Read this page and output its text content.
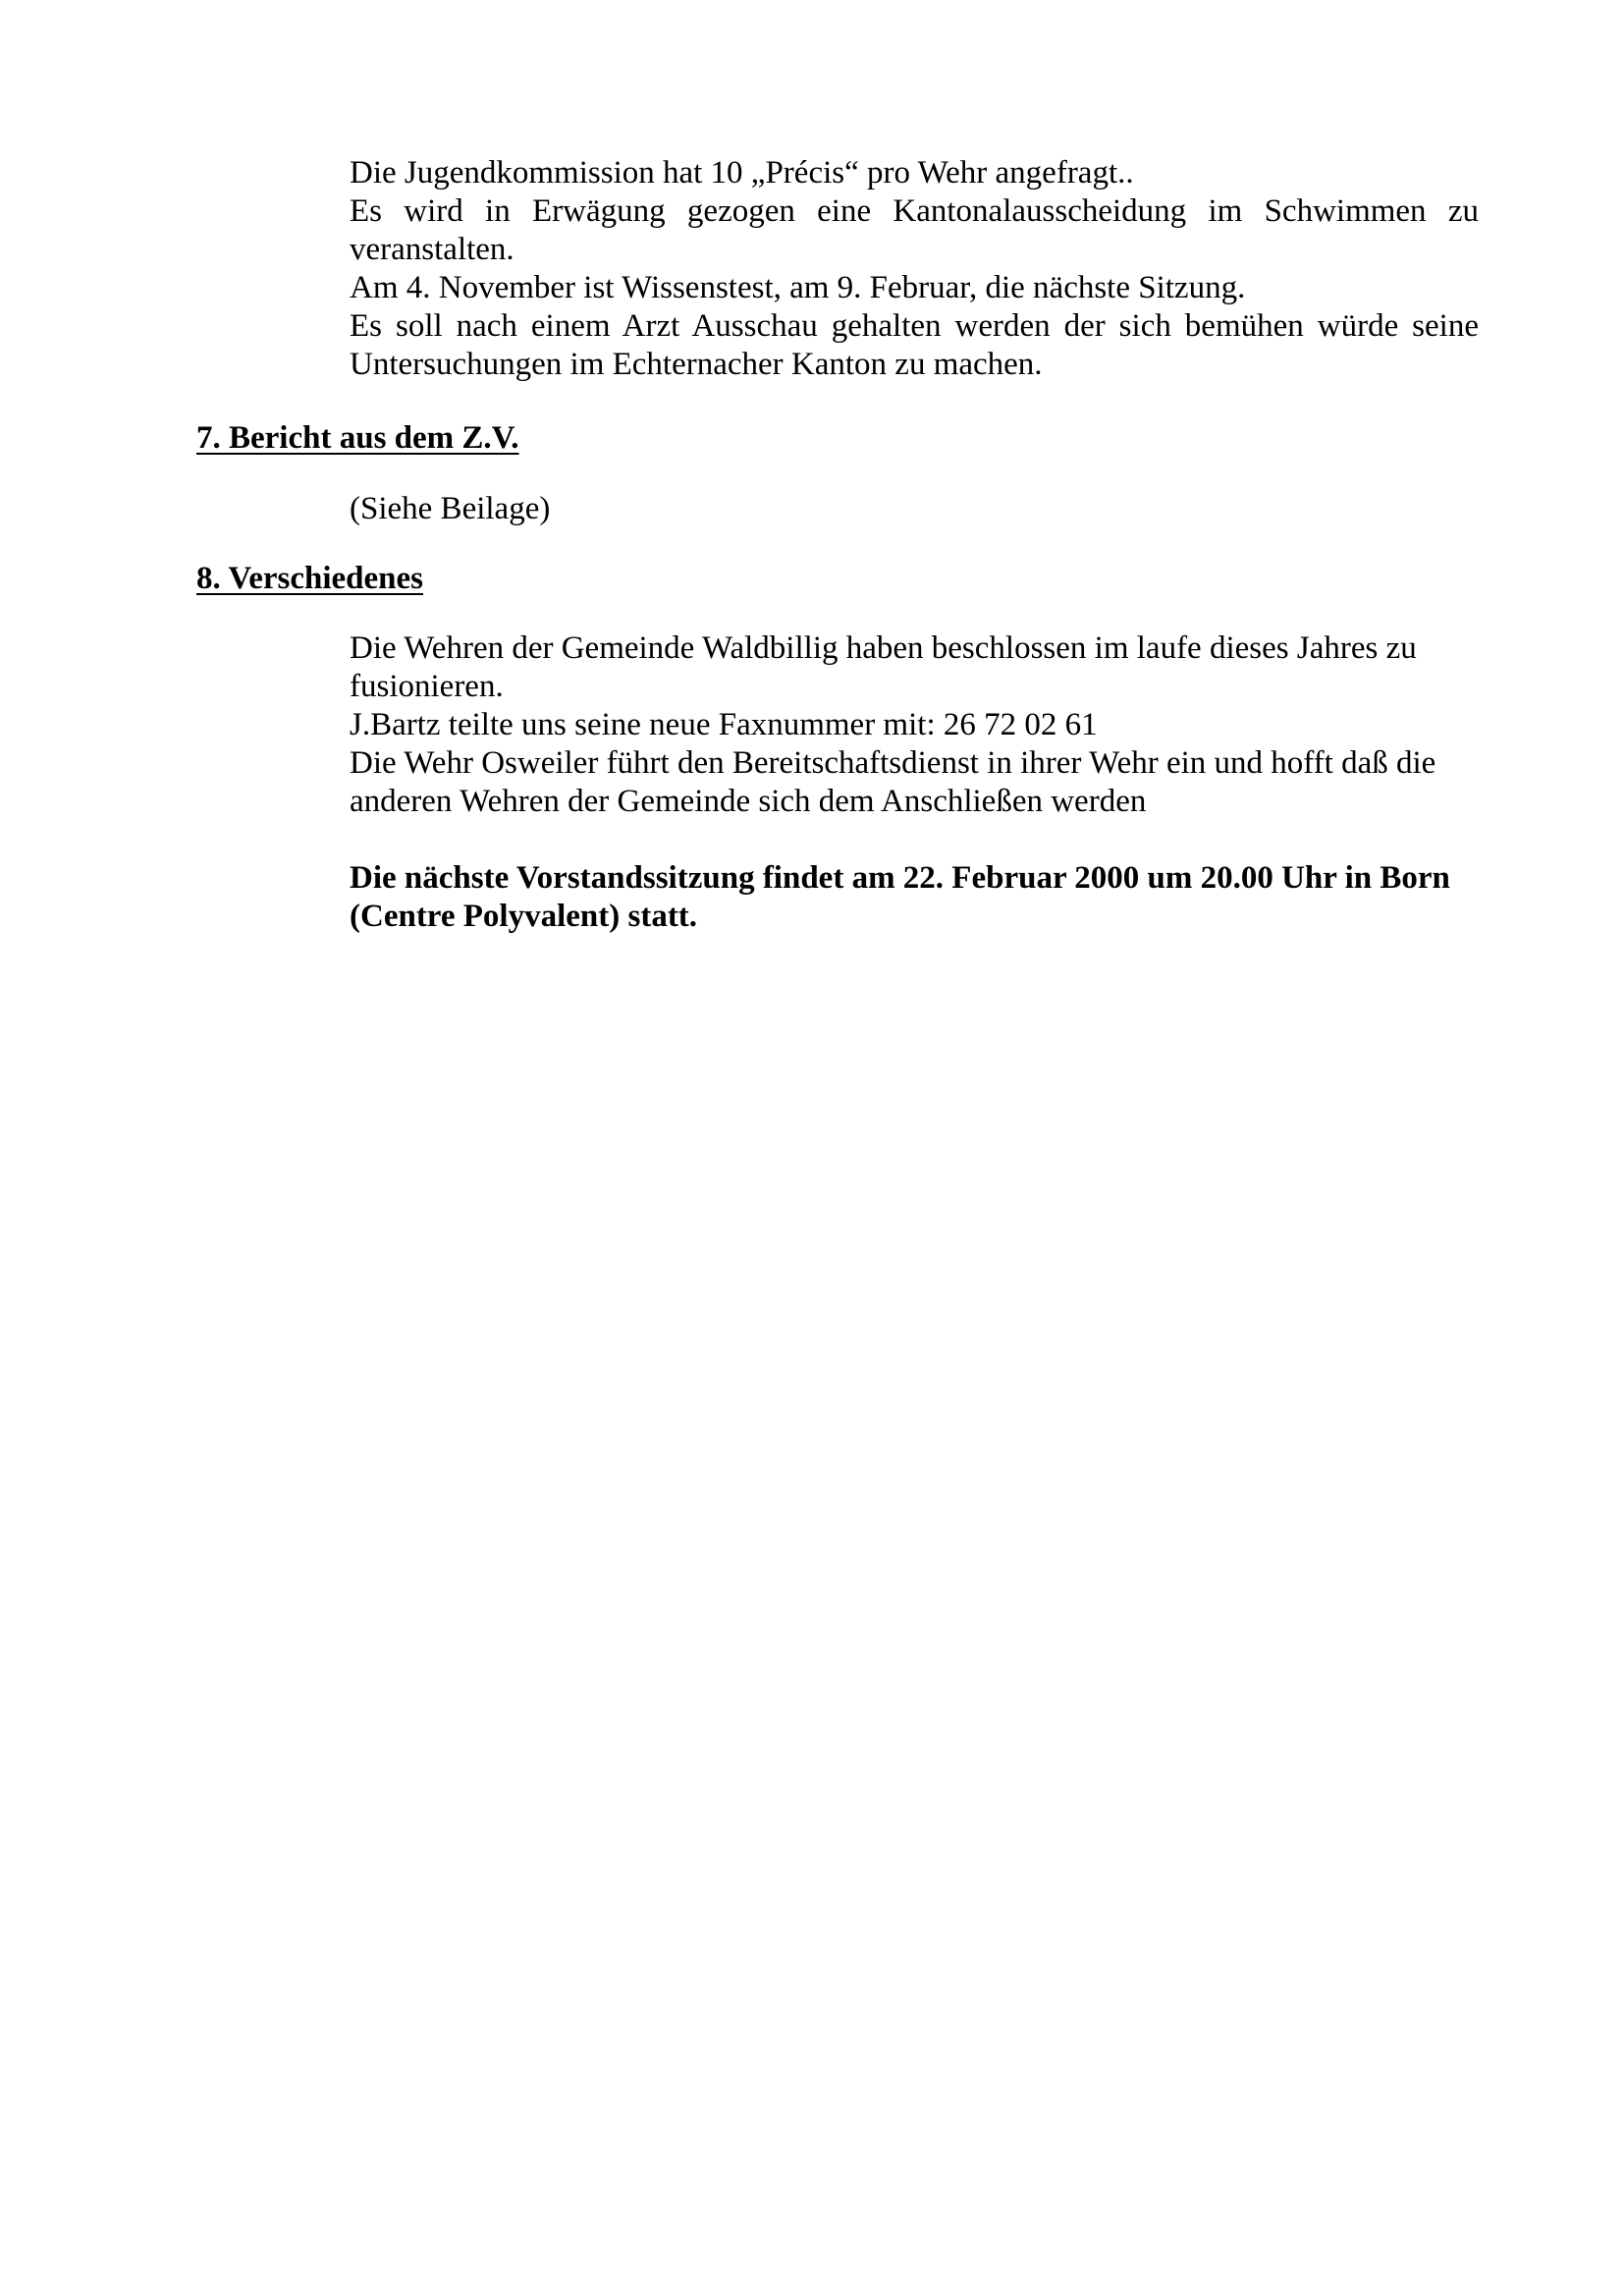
Die Jugendkommission hat 10 „Précis“ pro Wehr angefragt..
Es wird in Erwägung gezogen eine Kantonalausscheidung im Schwimmen zu
veranstalten.
Am 4. November ist Wissenstest, am 9. Februar, die nächste Sitzung.
Es soll nach einem Arzt Ausschau gehalten werden der sich bemühen würde seine
Untersuchungen im Echternacher Kanton zu machen.
7. Bericht aus dem Z.V.
(Siehe Beilage)
8. Verschiedenes
Die Wehren der Gemeinde Waldbillig haben beschlossen im laufe dieses Jahres zu
fusionieren.
J.Bartz teilte uns seine neue Faxnummer mit: 26 72 02 61
Die Wehr Osweiler führt den Bereitschaftsdienst in ihrer Wehr ein und hofft daß die
anderen Wehren der Gemeinde sich dem Anschließen werden
Die nächste Vorstandssitzung findet am 22. Februar 2000 um 20.00 Uhr in Born
(Centre Polyvalent) statt.
